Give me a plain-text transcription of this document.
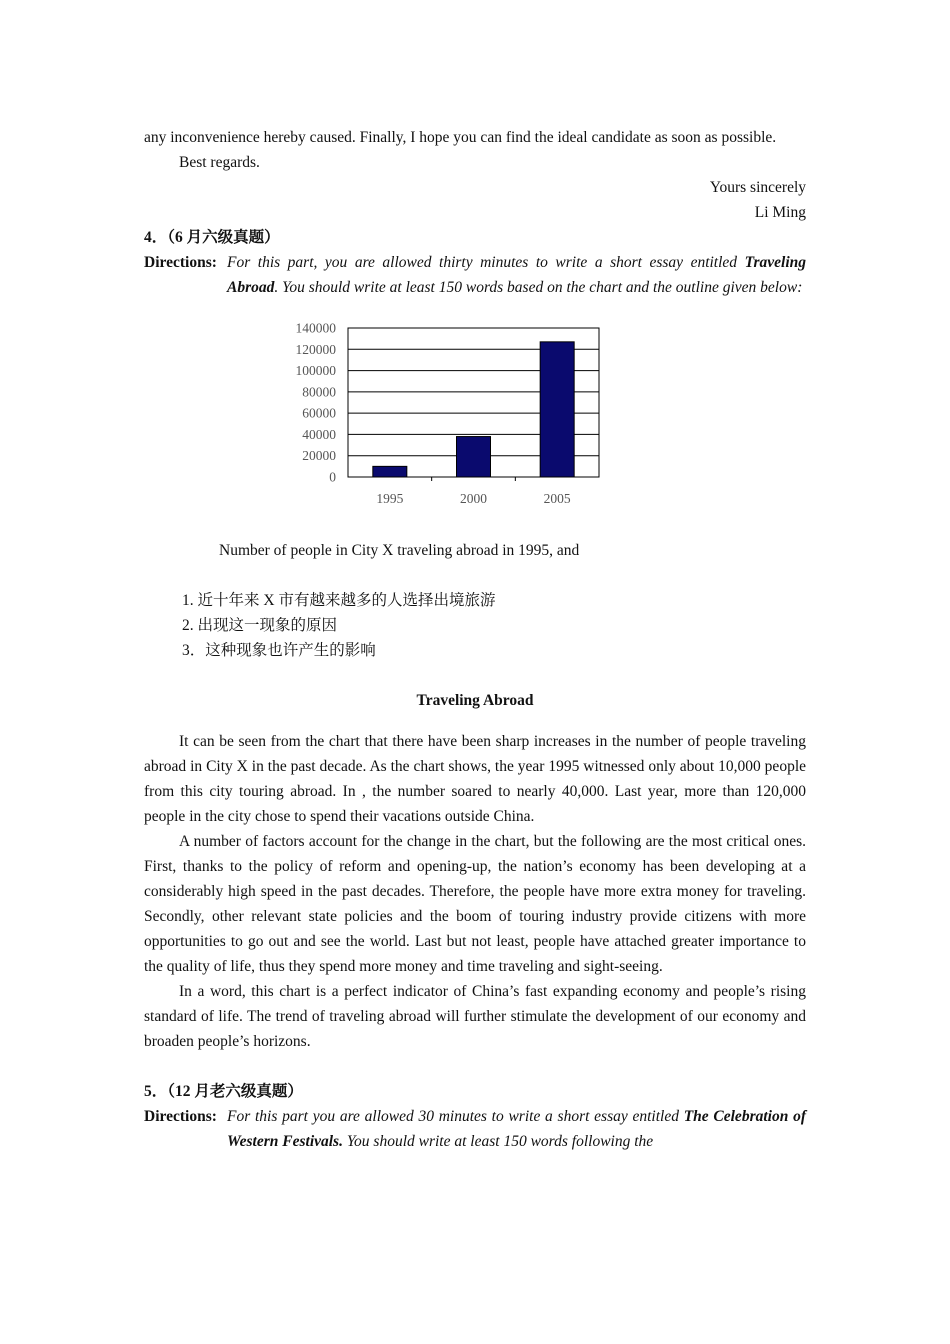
any inconvenience hereby caused. Finally, I hope you can find the ideal candidate as soon as possible.

Best regards.

Yours sincerely

Li Ming

4．（6 月六级真题）

Directions: For this part, you are allowed thirty minutes to write a short essay entitled Traveling Abroad. You should write at least 150 words based on the chart and the outline given below:
0
20000
40000
60000
80000
100000
120000
140000
1995	2000	2005

Number of people in City X traveling abroad in 1995, and

1. 近十年来 X 市有越来越多的人选择出境旅游
2. 出现这一现象的原因
3．这种现象也许产生的影响

Traveling Abroad

It can be seen from the chart that there have been sharp increases in the number of people traveling abroad in City X in the past decade. As the chart shows, the year 1995 witnessed only about 10,000 people from this city touring abroad. In , the number soared to nearly 40,000. Last year, more than 120,000 people in the city chose to spend their vacations outside China.

A number of factors account for the change in the chart, but the following are the most critical ones. First, thanks to the policy of reform and opening-up, the nation’s economy has been developing at a considerably high speed in the past decades. Therefore, the people have more extra money for traveling. Secondly, other relevant state policies and the boom of touring industry provide citizens with more opportunities to go out and see the world. Last but not least, people have attached greater importance to the quality of life, thus they spend more money and time traveling and sight-seeing.

In a word, this chart is a perfect indicator of China’s fast expanding economy and people’s rising standard of life. The trend of traveling abroad will further stimulate the development of our economy and broaden people’s horizons.

5．（12 月老六级真题）

Directions: For this part you are allowed 30 minutes to write a short essay entitled The Celebration of Western Festivals. You should write at least 150 words following the
